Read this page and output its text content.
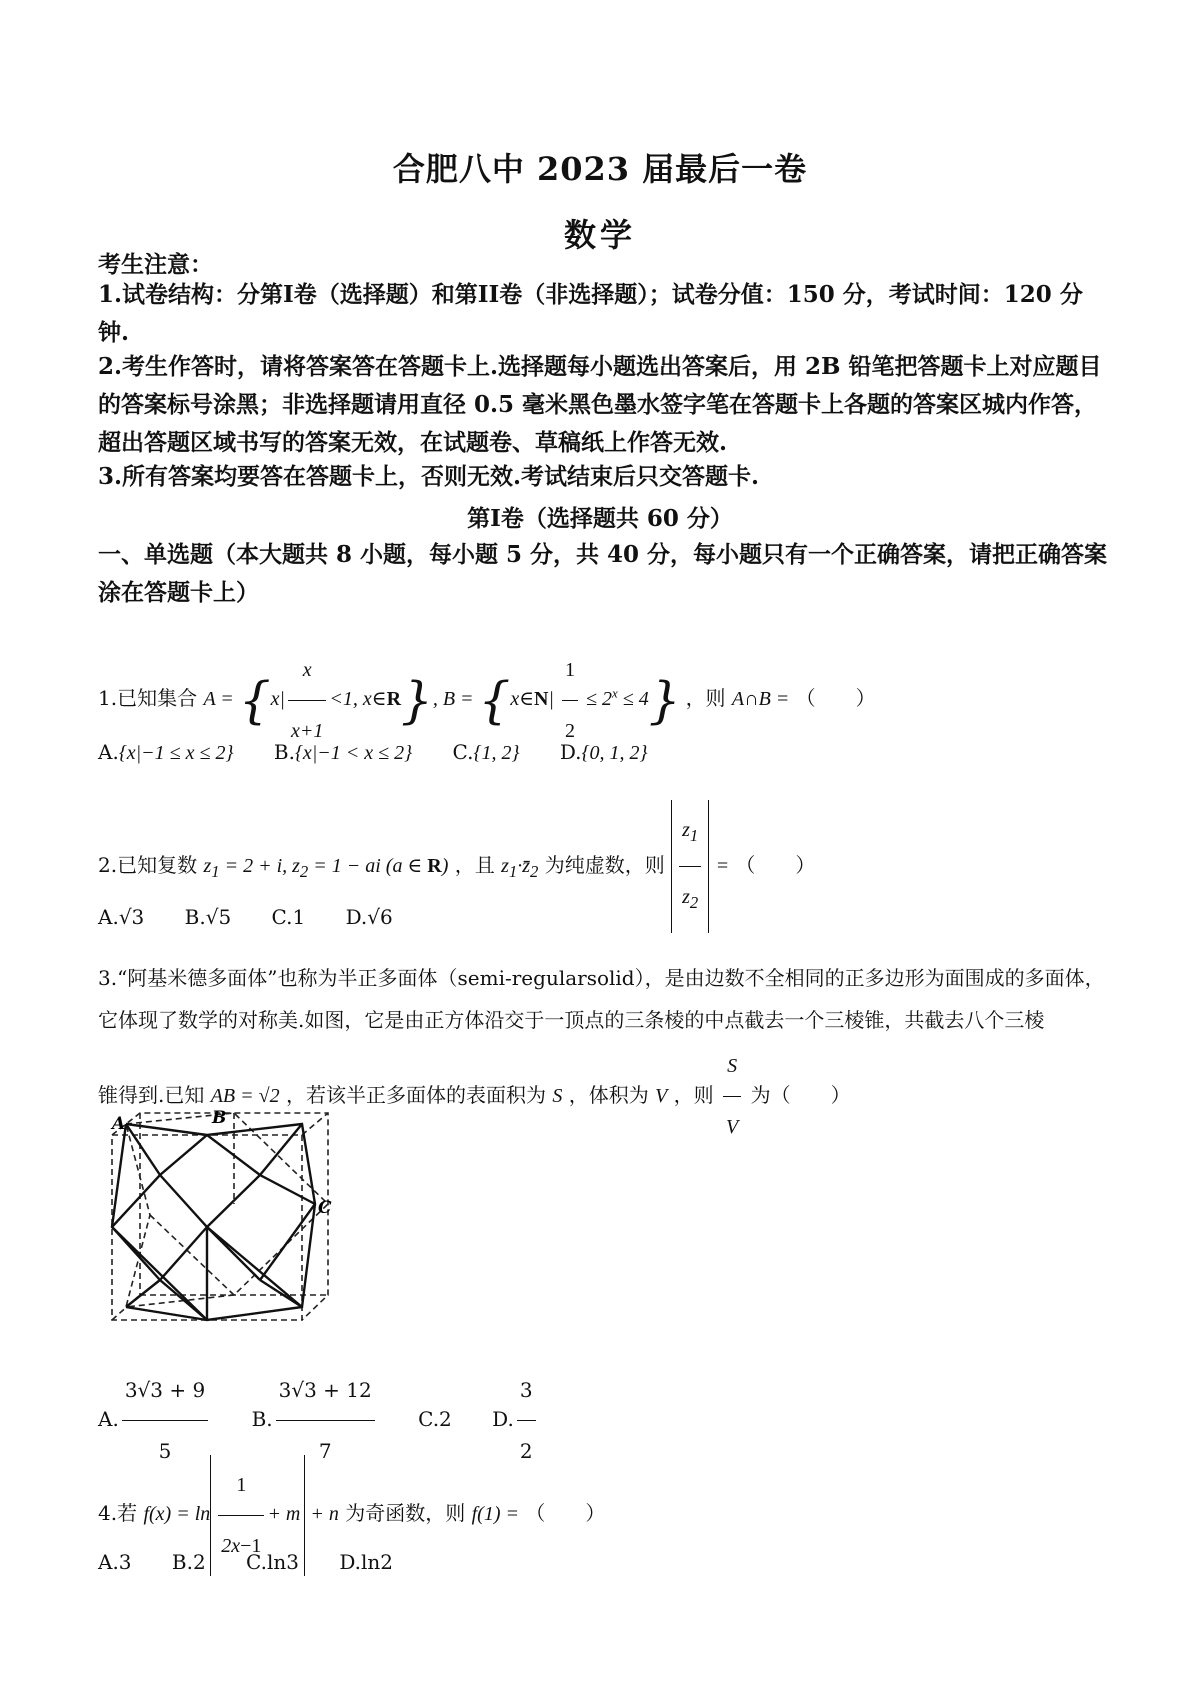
合肥八中 2023 届最后一卷
数学
考生注意：
1.试卷结构：分第I卷（选择题）和第II卷（非选择题）；试卷分值：150 分，考试时间：120 分钟.
2.考生作答时，请将答案答在答题卡上.选择题每小题选出答案后，用 2B 铅笔把答题卡上对应题目的答案标号涂黑；非选择题请用直径 0.5 毫米黑色墨水签字笔在答题卡上各题的答案区城内作答，超出答题区域书写的答案无效，在试题卷、草稿纸上作答无效.
3.所有答案均要答在答题卡上，否则无效.考试结束后只交答题卡.
第I卷（选择题共 60 分）
一、单选题（本大题共 8 小题，每小题 5 分，共 40 分，每小题只有一个正确答案，请把正确答案涂在答题卡上）
1.已知集合 $A = \{x| \frac{x}{x+1} <1$, x∈R}, B = {x∈N| $\frac{1}{2} \le 2^x \le 4$} ，则 A∩B = （　　）
A.{x|−1 ≤ x ≤ 2} B.{x|−1 < x ≤ 2} C.{1, 2} D.{0, 1, 2}
2.已知复数 $z_1 = 2 + i$, $z_2 = 1$ − ai (a ∈ R) ，且 $z_1\cdot z̄_2$ 为纯虚数，则 $\frac{z_1}{z_2}$ = （　　）
A.√3 B.√5 C.1 D.√6
3.“阿基米德多面体”也称为半正多面体（semi-regularsolid），是由边数不全相同的正多边形为面围成的多面体，
它体现了数学的对称美.如图，它是由正方体沿交于一顶点的三条棱的中点截去一个三棱锥，共截去八个三棱
锥得到.已知 AB = √2 ，若该半正多面体的表面积为 S ，体积为 V ，则 $\frac{S}{V}$ 为（　　）
A	B
C
A. $\frac{3√3 + 9}{5} B$. $\frac{3√3 + 12}{7} C.2$ D. $\frac{3}{2}$
4.若 $f(x) = \ln \frac{1}{2x-1} + m + n$ 为奇函数，则 f(1) = （　　）
A.3 B.2 C.ln3 D.ln2
